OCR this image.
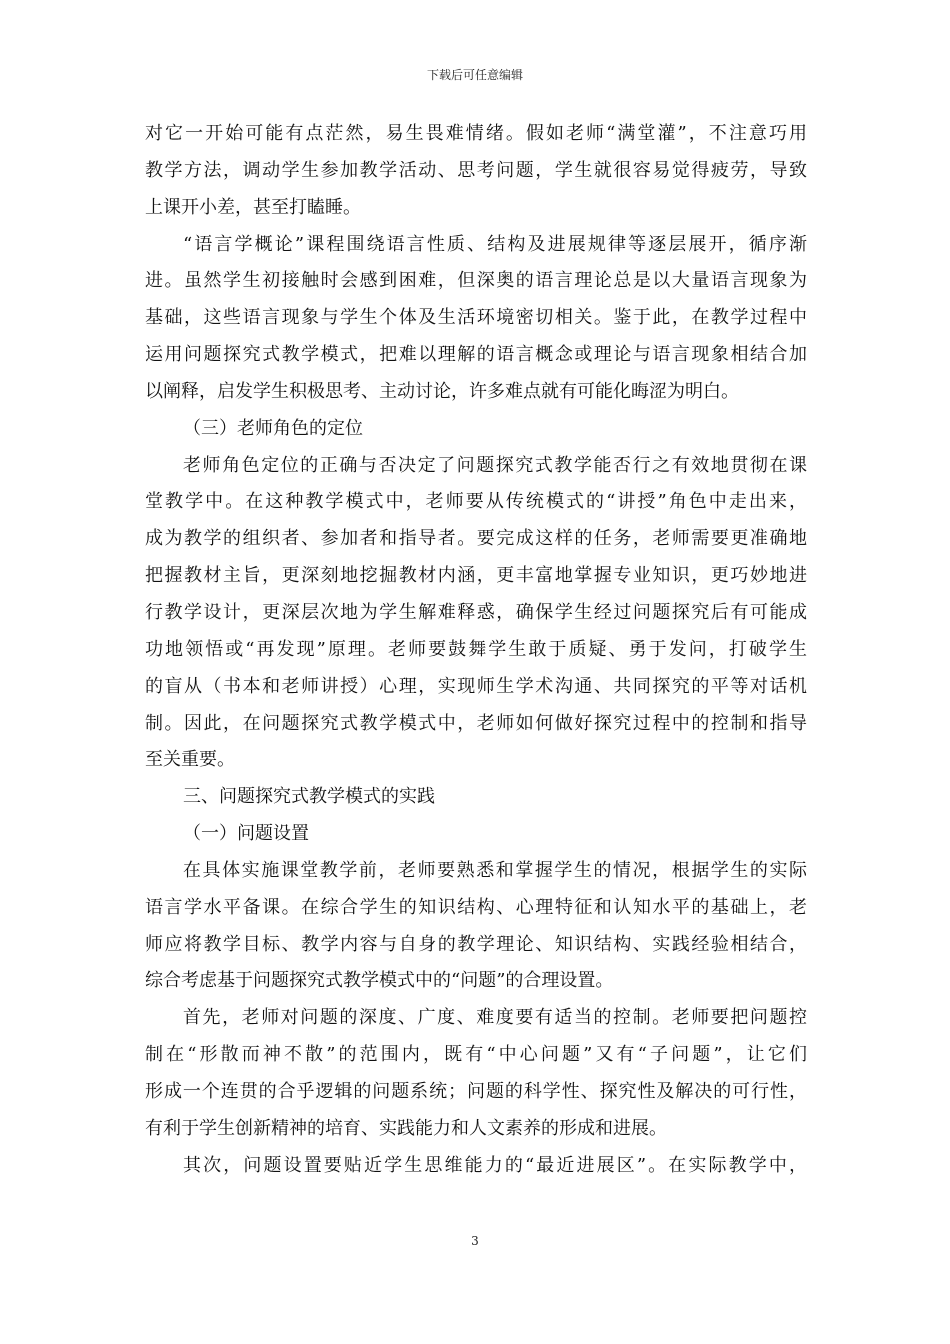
下载后可任意编辑
对它一开始可能有点茫然，易生畏难情绪。假如老师“满堂灌”，不注意巧用
教学方法，调动学生参加教学活动、思考问题，学生就很容易觉得疲劳，导致
上课开小差，甚至打瞌睡。
“语言学概论”课程围绕语言性质、结构及进展规律等逐层展开，循序渐
进。虽然学生初接触时会感到困难，但深奥的语言理论总是以大量语言现象为
基础，这些语言现象与学生个体及生活环境密切相关。鉴于此，在教学过程中
运用问题探究式教学模式，把难以理解的语言概念或理论与语言现象相结合加
以阐释，启发学生积极思考、主动讨论，许多难点就有可能化晦涩为明白。
（三）老师角色的定位
老师角色定位的正确与否决定了问题探究式教学能否行之有效地贯彻在课
堂教学中。在这种教学模式中，老师要从传统模式的“讲授”角色中走出来，
成为教学的组织者、参加者和指导者。要完成这样的任务，老师需要更准确地
把握教材主旨，更深刻地挖掘教材内涵，更丰富地掌握专业知识，更巧妙地进
行教学设计，更深层次地为学生解难释惑，确保学生经过问题探究后有可能成
功地领悟或“再发现”原理。老师要鼓舞学生敢于质疑、勇于发问，打破学生
的盲从（书本和老师讲授）心理，实现师生学术沟通、共同探究的平等对话机
制。因此，在问题探究式教学模式中，老师如何做好探究过程中的控制和指导
至关重要。
三、问题探究式教学模式的实践
（一）问题设置
在具体实施课堂教学前，老师要熟悉和掌握学生的情况，根据学生的实际
语言学水平备课。在综合学生的知识结构、心理特征和认知水平的基础上，老
师应将教学目标、教学内容与自身的教学理论、知识结构、实践经验相结合，
综合考虑基于问题探究式教学模式中的“问题”的合理设置。
首先，老师对问题的深度、广度、难度要有适当的控制。老师要把问题控
制在“形散而神不散”的范围内，既有“中心问题”又有“子问题”，让它们
形成一个连贯的合乎逻辑的问题系统；问题的科学性、探究性及解决的可行性，
有利于学生创新精神的培育、实践能力和人文素养的形成和进展。
其次，问题设置要贴近学生思维能力的“最近进展区”。在实际教学中，
3
